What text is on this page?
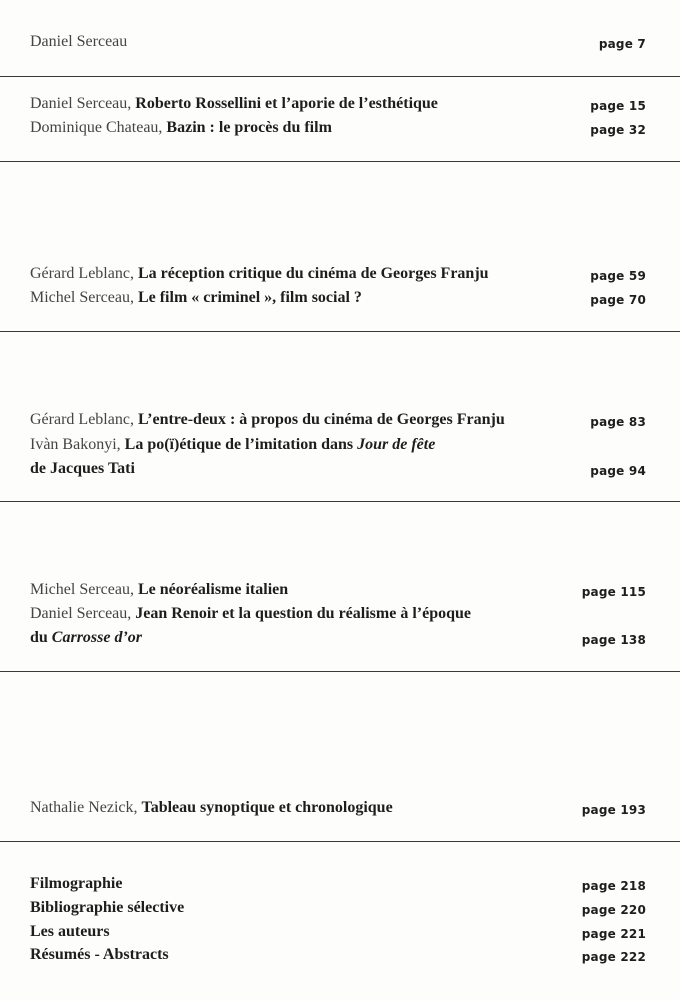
Daniel Serceau	page 7
Daniel Serceau, Roberto Rossellini et l’aporie de l’esthétique	page 15
Dominique Chateau, Bazin : le procès du film	page 32
Gérard Leblanc, La réception critique du cinéma de Georges Franju	page 59
Michel Serceau, Le film « criminel », film social ?	page 70
Gérard Leblanc, L’entre-deux : à propos du cinéma de Georges Franju	page 83
Ivàn Bakonyi, La po(ï)étique de l’imitation dans Jour de fête
de Jacques Tati	page 94
Michel Serceau, Le néoréalisme italien	page 115
Daniel Serceau, Jean Renoir et la question du réalisme à l’époque
du Carrosse d’or	page 138
Nathalie Nezick, Tableau synoptique et chronologique	page 193
Filmographie	page 218
Bibliographie sélective	page 220
Les auteurs	page 221
Résumés - Abstracts	page 222
